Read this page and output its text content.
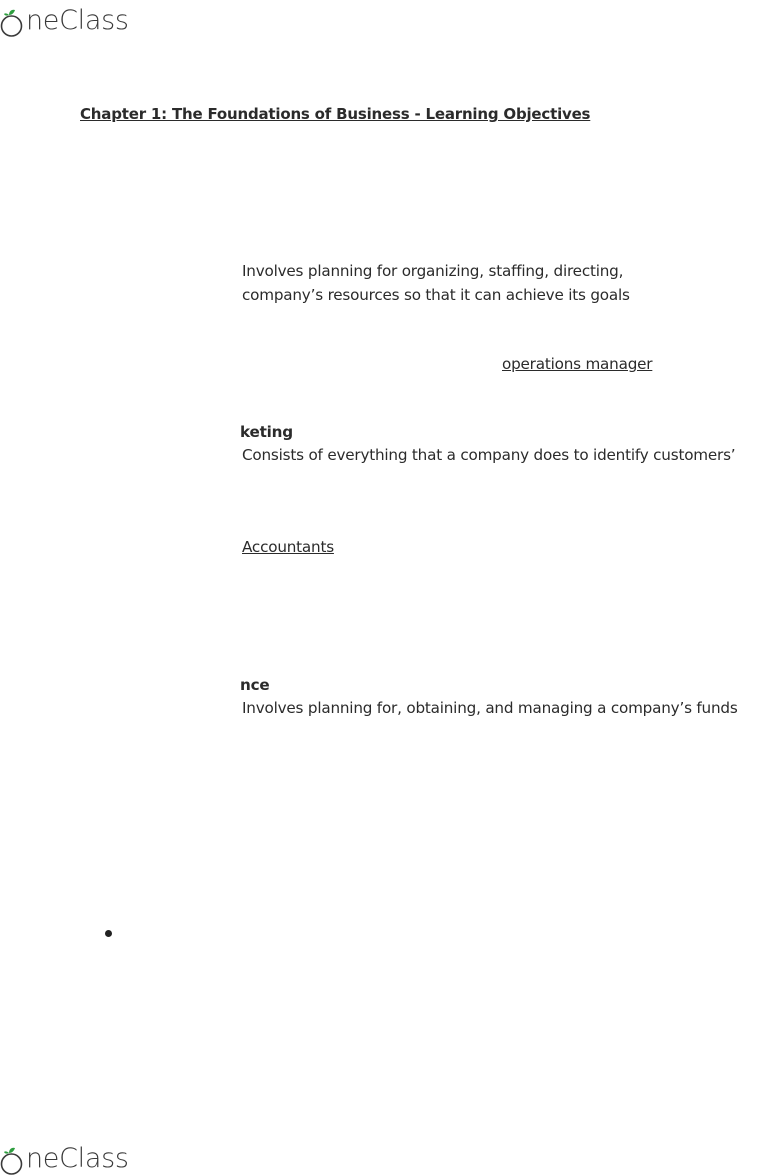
neClass
Chapter 1: The Foundations of Business - Learning Objectives
Involves planning for organizing, staffing, directing,
company’s resources so that it can achieve its goals
operations manager
keting
Consists of everything that a company does to identify customers’
Accountants
nce
Involves planning for, obtaining, and managing a company’s funds
neClass
